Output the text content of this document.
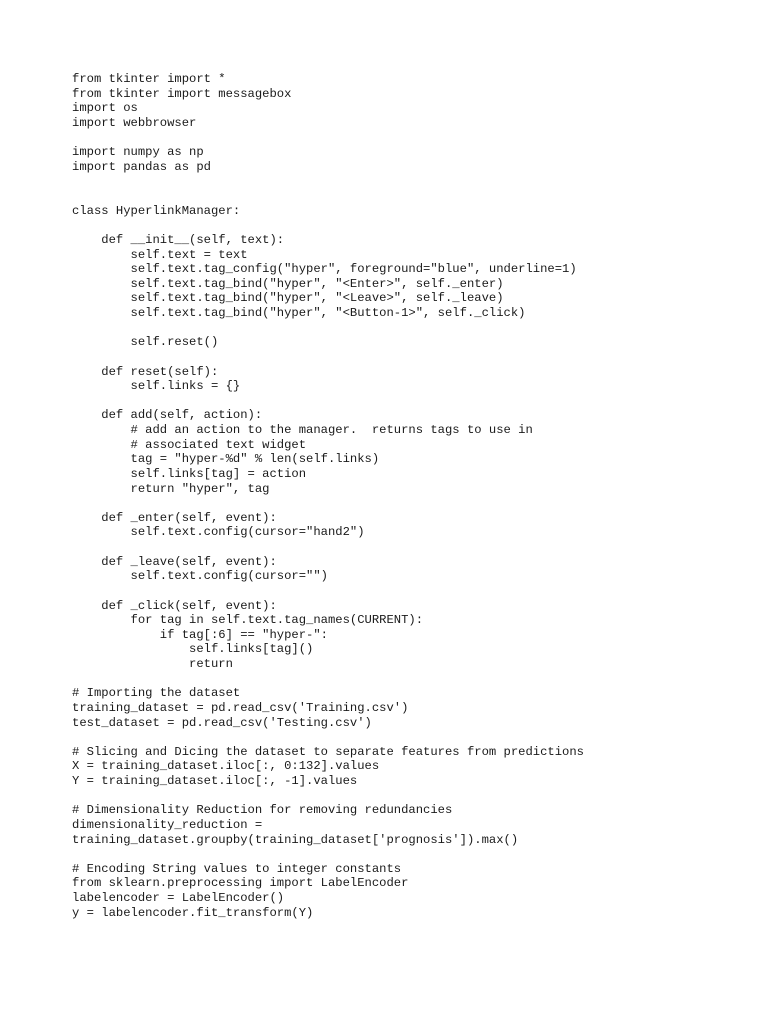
from tkinter import *
from tkinter import messagebox
import os
import webbrowser
import numpy as np
import pandas as pd
class HyperlinkManager:
def __init__(self, text):
self.text = text
self.text.tag_config("hyper", foreground="blue", underline=1)
self.text.tag_bind("hyper", "<Enter>", self._enter)
self.text.tag_bind("hyper", "<Leave>", self._leave)
self.text.tag_bind("hyper", "<Button-1>", self._click)
self.reset()
def reset(self):
self.links = {}
def add(self, action):
# add an action to the manager.  returns tags to use in
# associated text widget
tag = "hyper-%d" % len(self.links)
self.links[tag] = action
return "hyper", tag
def _enter(self, event):
self.text.config(cursor="hand2")
def _leave(self, event):
self.text.config(cursor="")
def _click(self, event):
for tag in self.text.tag_names(CURRENT):
if tag[:6] == "hyper-":
self.links[tag]()
return
# Importing the dataset
training_dataset = pd.read_csv('Training.csv')
test_dataset = pd.read_csv('Testing.csv')
# Slicing and Dicing the dataset to separate features from predictions
X = training_dataset.iloc[:, 0:132].values
Y = training_dataset.iloc[:, -1].values
# Dimensionality Reduction for removing redundancies
dimensionality_reduction =
training_dataset.groupby(training_dataset['prognosis']).max()
# Encoding String values to integer constants
from sklearn.preprocessing import LabelEncoder
labelencoder = LabelEncoder()
y = labelencoder.fit_transform(Y)
